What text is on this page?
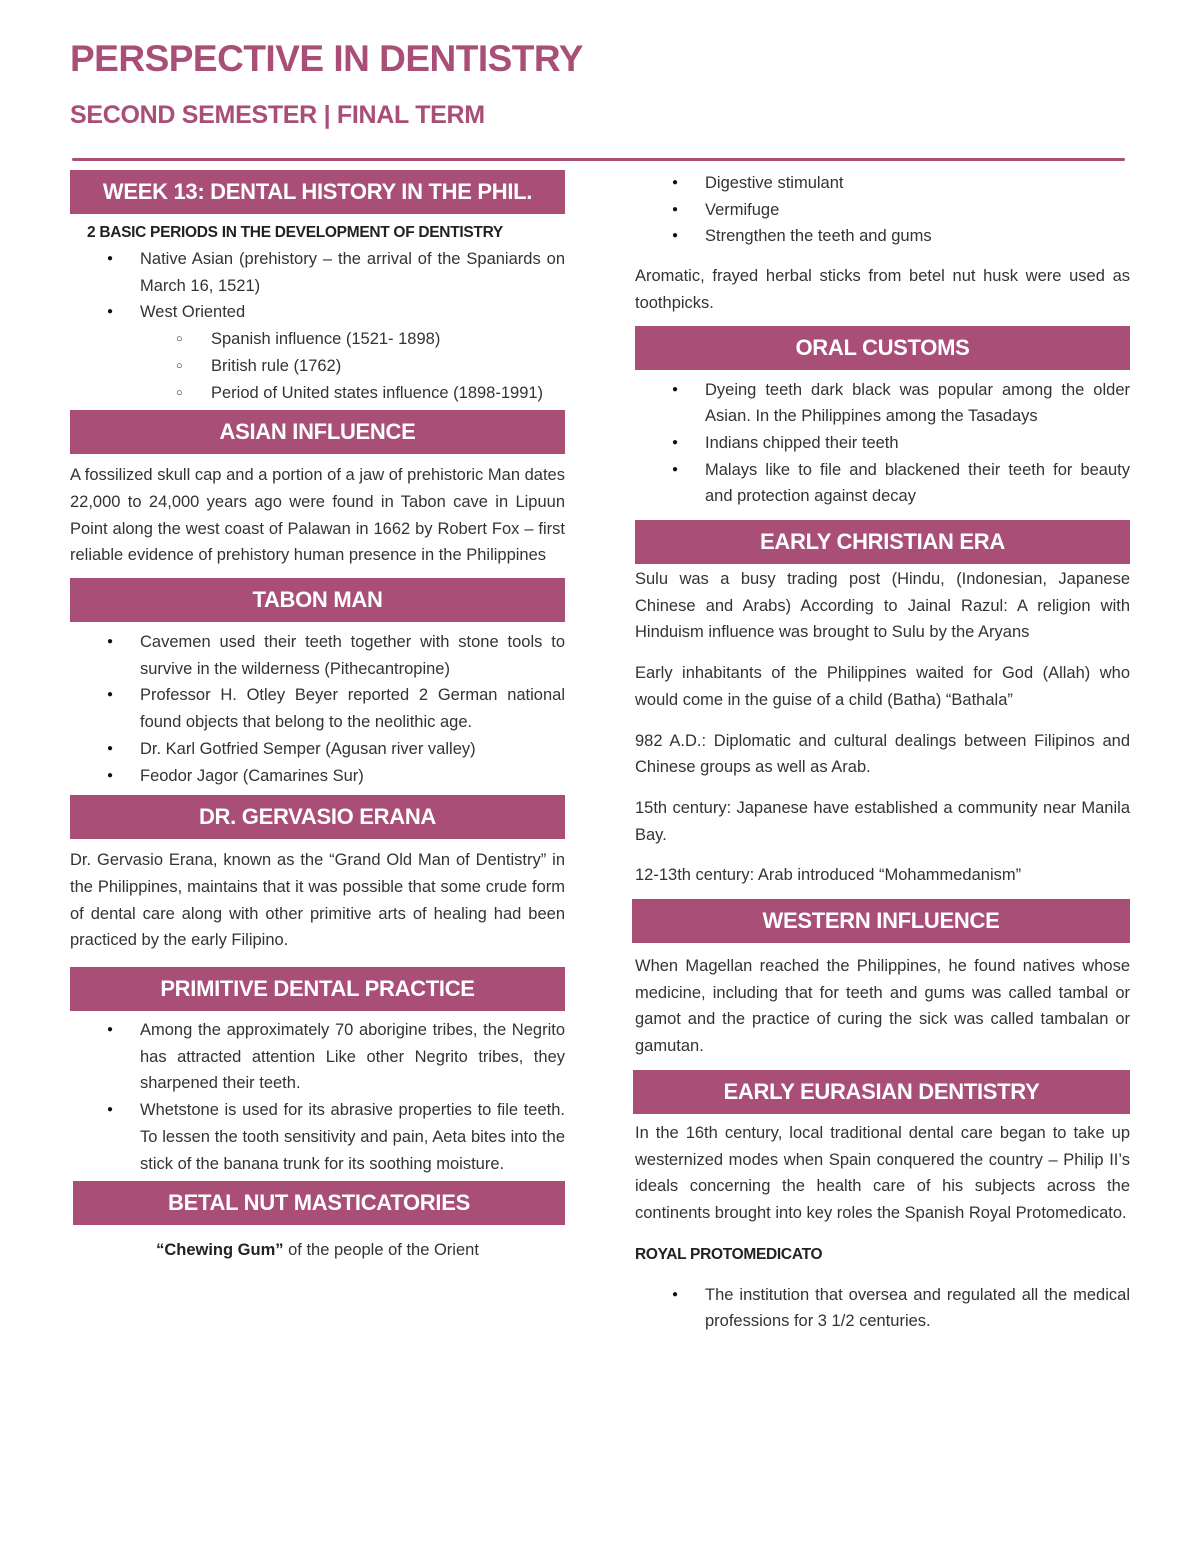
PERSPECTIVE IN DENTISTRY
SECOND SEMESTER | FINAL TERM
WEEK 13: DENTAL HISTORY IN THE PHIL.
2 BASIC PERIODS IN THE DEVELOPMENT OF DENTISTRY
● Native Asian (prehistory – the arrival of the Spaniards on March 16, 1521)
● West Oriented
○ Spanish influence (1521- 1898)
○ British rule (1762)
○ Period of United states influence (1898-1991)
ASIAN INFLUENCE

A fossilized skull cap and a portion of a jaw of prehistoric Man dates 22,000 to 24,000 years ago were found in Tabon cave in Lipuun Point along the west coast of Palawan in 1662 by Robert Fox – first reliable evidence of prehistory human presence in the Philippines

TABON MAN
● Cavemen used their teeth together with stone tools to survive in the wilderness (Pithecantropine)
● Professor H. Otley Beyer reported 2 German national found objects that belong to the neolithic age.
● Dr. Karl Gotfried Semper (Agusan river valley)
● Feodor Jagor (Camarines Sur)
DR. GERVASIO ERANA

Dr. Gervasio Erana, known as the “Grand Old Man of Dentistry” in the Philippines, maintains that it was possible that some crude form of dental care along with other primitive arts of healing had been practiced by the early Filipino.

PRIMITIVE DENTAL PRACTICE
● Among the approximately 70 aborigine tribes, the Negrito has attracted attention Like other Negrito tribes, they sharpened their teeth.
● Whetstone is used for its abrasive properties to file teeth. To lessen the tooth sensitivity and pain, Aeta bites into the stick of the banana trunk for its soothing moisture.
BETAL NUT MASTICATORIES

“Chewing Gum” of the people of the Orient

● Digestive stimulant
● Vermifuge
● Strengthen the teeth and gums

Aromatic, frayed herbal sticks from betel nut husk were used as toothpicks.

ORAL CUSTOMS
● Dyeing teeth dark black was popular among the older Asian. In the Philippines among the Tasadays
● Indians chipped their teeth
● Malays like to file and blackened their teeth for beauty and protection against decay
EARLY CHRISTIAN ERA

Sulu was a busy trading post (Hindu, (Indonesian, Japanese Chinese and Arabs) According to Jainal Razul: A religion with Hinduism influence was brought to Sulu by the Aryans

Early inhabitants of the Philippines waited for God (Allah) who would come in the guise of a child (Batha) “Bathala”

982 A.D.: Diplomatic and cultural dealings between Filipinos and Chinese groups as well as Arab.

15th century: Japanese have established a community near Manila Bay.

12-13th century: Arab introduced “Mohammedanism”

WESTERN INFLUENCE

When Magellan reached the Philippines, he found natives whose medicine, including that for teeth and gums was called tambal or gamot and the practice of curing the sick was called tambalan or gamutan.

EARLY EURASIAN DENTISTRY

In the 16th century, local traditional dental care began to take up westernized modes when Spain conquered the country – Philip II’s ideals concerning the health care of his subjects across the continents brought into key roles the Spanish Royal Protomedicato.

ROYAL PROTOMEDICATO
● The institution that oversea and regulated all the medical professions for 3 1/2 centuries.
